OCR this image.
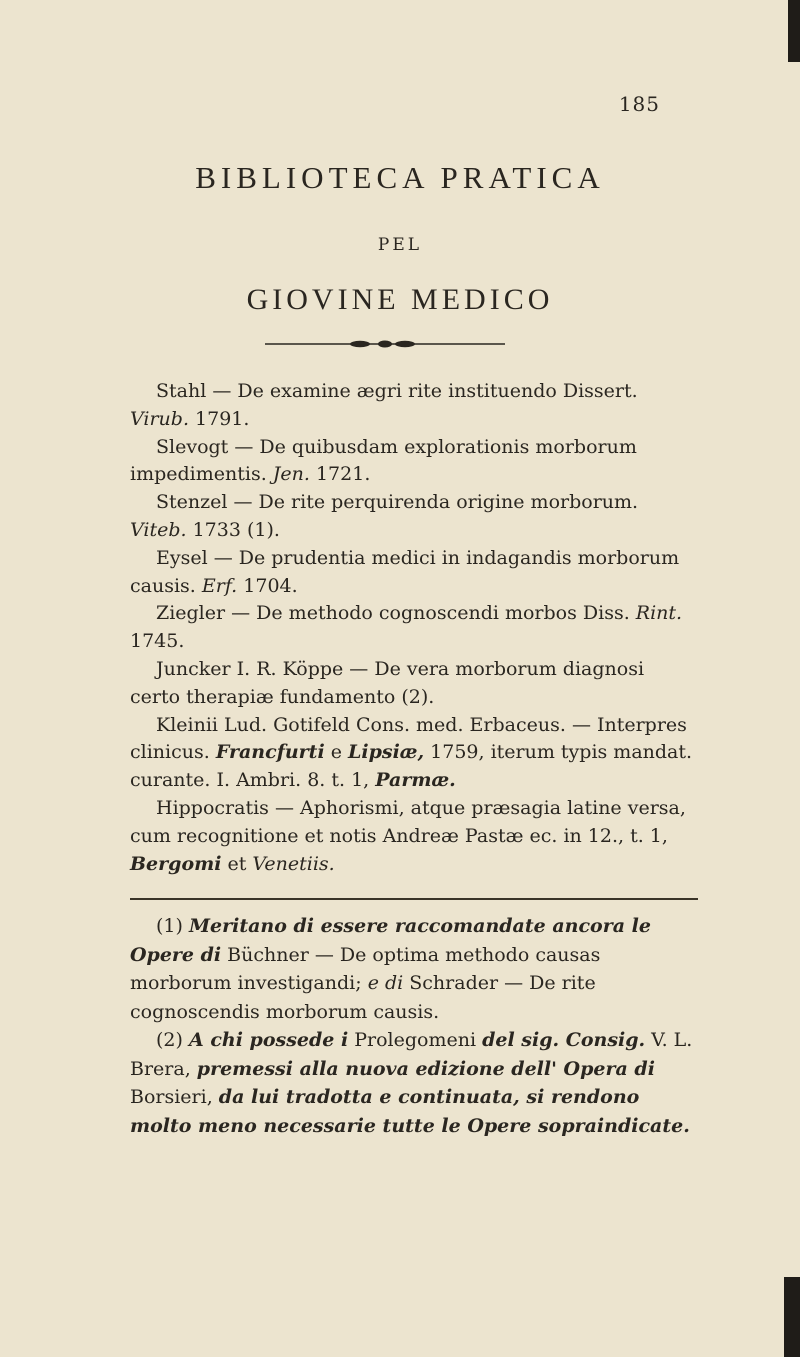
185
BIBLIOTECA PRATICA
PEL
GIOVINE MEDICO

Stahl — De examine ægri rite instituendo Dissert. Virub. 1791.

Slevogt — De quibusdam explorationis morborum impedimentis. Jen. 1721.

Stenzel — De rite perquirenda origine morborum. Viteb. 1733 (1).

Eysel — De prudentia medici in indagandis morborum causis. Erf. 1704.

Ziegler — De methodo cognoscendi morbos Diss. Rint. 1745.

Juncker I. R. Köppe — De vera morborum diagnosi certo therapiæ fundamento (2).

Kleinii Lud. Gotifeld Cons. med. Erbaceus. — Interpres clinicus. Francfurti e Lipsiæ, 1759, iterum typis mandat. curante. I. Ambri. 8. t. 1, Parmæ.

Hippocratis — Aphorismi, atque præsagia latine versa, cum recognitione et notis Andreæ Pastæ ec. in 12., t. 1, Bergomi et Venetiis.

(1) Meritano di essere raccomandate ancora le Opere di Büchner — De optima methodo causas morborum investigandi; e di Schrader — De rite cognoscendis morborum causis.

(2) A chi possede i Prolegomeni del sig. Consig. V. L. Brera, premessi alla nuova edizione dell' Opera di Borsieri, da lui tradotta e continuata, si rendono molto meno necessarie tutte le Opere sopraindicate.
